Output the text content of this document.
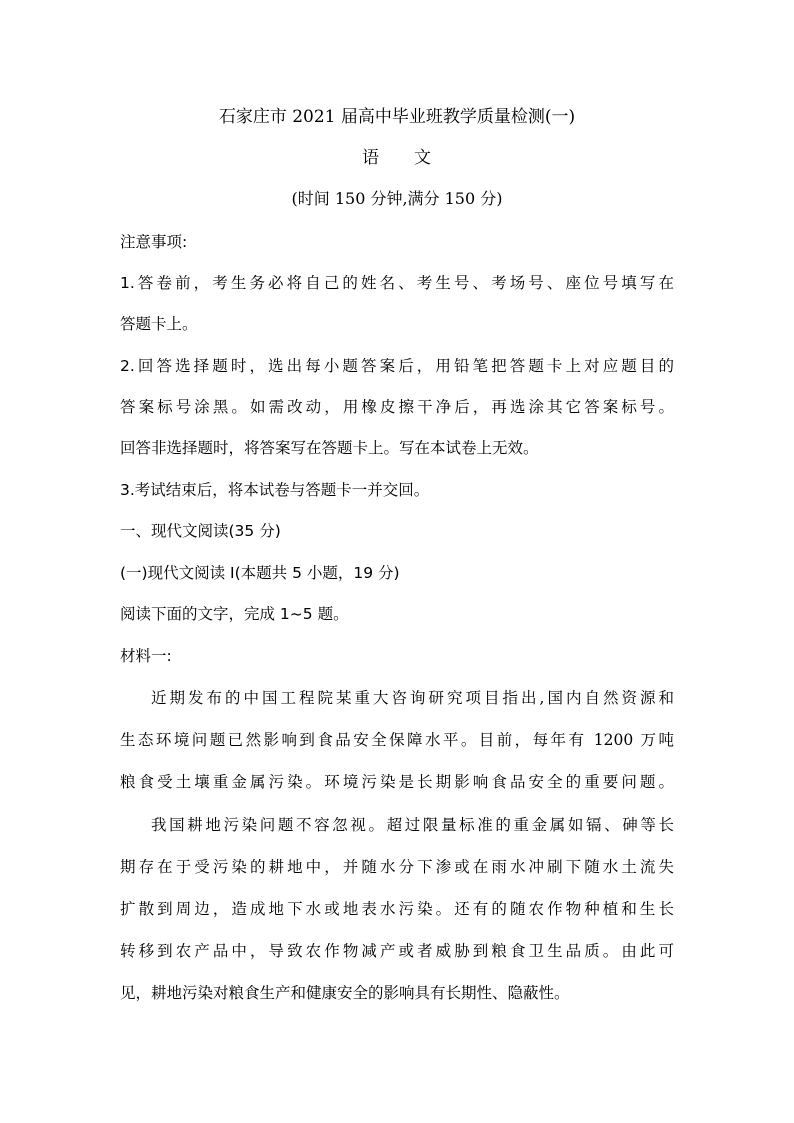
石家庄市 2021 届高中毕业班教学质量检测(一)
语 文
(时间 150 分钟,满分 150 分)
注意事项:
1.答卷前，考生务必将自己的姓名、考生号、考场号、座位号填写在
答题卡上。
2.回答选择题时，选出每小题答案后，用铅笔把答题卡上对应题目的
答案标号涂黑。如需改动，用橡皮擦干净后，再选涂其它答案标号。
回答非选择题时，将答案写在答题卡上。写在本试卷上无效。
3.考试结束后，将本试卷与答题卡一并交回。
一、现代文阅读(35 分)
(一)现代文阅读 I(本题共 5 小题，19 分)
阅读下面的文字，完成 1~5 题。
材料一:
近期发布的中国工程院某重大咨询研究项目指出,国内自然资源和
生态环境问题已然影响到食品安全保障水平。目前，每年有 1200 万吨
粮食受土壤重金属污染。环境污染是长期影响食品安全的重要问题。
我国耕地污染问题不容忽视。超过限量标准的重金属如镉、砷等长
期存在于受污染的耕地中，并随水分下渗或在雨水冲刷下随水土流失
扩散到周边，造成地下水或地表水污染。还有的随农作物种植和生长
转移到农产品中，导致农作物减产或者威胁到粮食卫生品质。由此可
见，耕地污染对粮食生产和健康安全的影响具有长期性、隐蔽性。
